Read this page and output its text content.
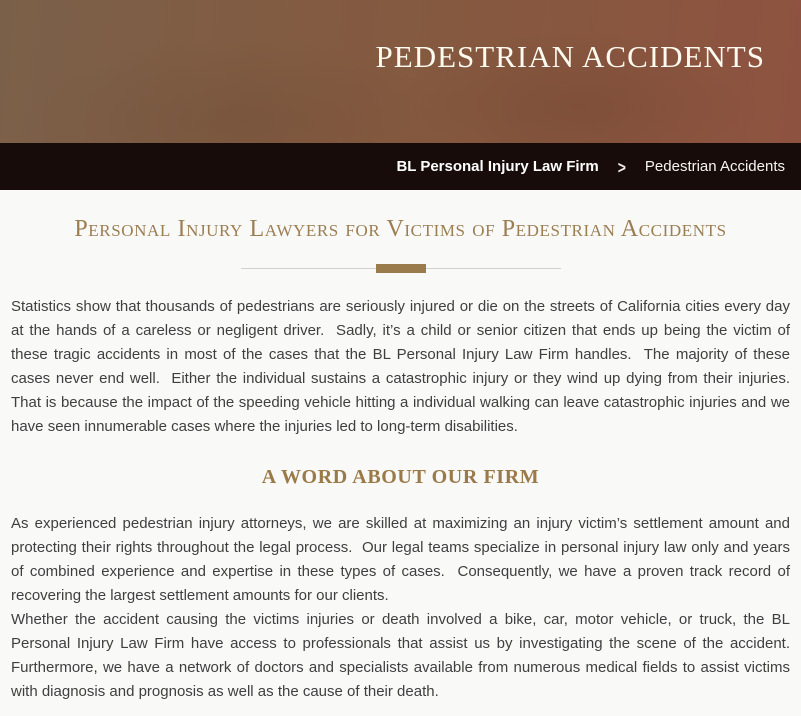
PEDESTRIAN ACCIDENTS
BL Personal Injury Law Firm > Pedestrian Accidents
Personal Injury Lawyers for Victims of Pedestrian Accidents

Statistics show that thousands of pedestrians are seriously injured or die on the streets of California cities every day at the hands of a careless or negligent driver.  Sadly, it’s a child or senior citizen that ends up being the victim of these tragic accidents in most of the cases that the BL Personal Injury Law Firm handles.  The majority of these cases never end well.  Either the individual sustains a catastrophic injury or they wind up dying from their injuries. That is because the impact of the speeding vehicle hitting a individual walking can leave catastrophic injuries and we have seen innumerable cases where the injuries led to long-term disabilities.

A WORD ABOUT OUR FIRM

As experienced pedestrian injury attorneys, we are skilled at maximizing an injury victim’s settlement amount and protecting their rights throughout the legal process.  Our legal teams specialize in personal injury law only and years of combined experience and expertise in these types of cases.  Consequently, we have a proven track record of recovering the largest settlement amounts for our clients.

Whether the accident causing the victims injuries or death involved a bike, car, motor vehicle, or truck, the BL Personal Injury Law Firm have access to professionals that assist us by investigating the scene of the accident.  Furthermore, we have a network of doctors and specialists available from numerous medical fields to assist victims with diagnosis and prognosis as well as the cause of their death.
